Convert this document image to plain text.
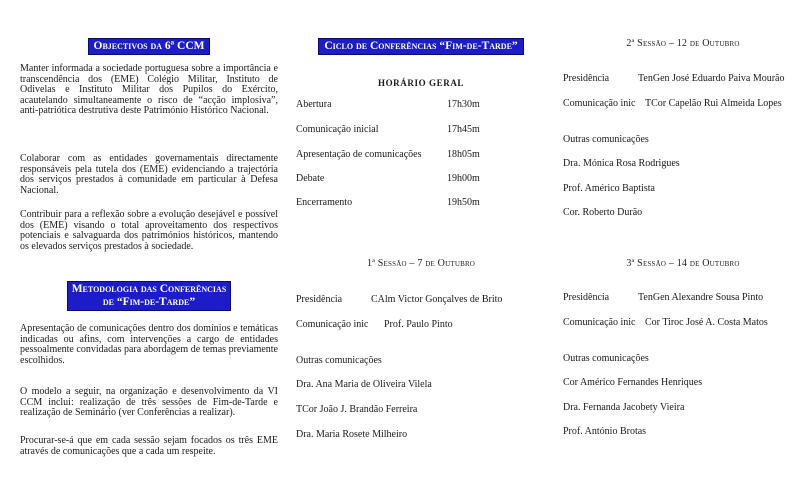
Objectivos da 6ª CCM

Manter informada a sociedade portuguesa sobre a importância e transcendência dos (EME) Colégio Militar, Instituto de Odivelas e Instituto Militar dos Pupilos do Exército, acautelando simultaneamente o risco de “acção implosiva”, anti-patriótica destrutiva deste Património Histórico Nacional.

Colaborar com as entidades governamentais directamente responsáveis pela tutela dos (EME) evidenciando a trajectória dos serviços prestados à comunidade em particular à Defesa Nacional.

Contribuir para a reflexão sobre a evolução desejável e possível dos (EME) visando o total aproveitamento dos respectivos potenciais e salvaguarda dos patrimónios históricos, mantendo os elevados serviços prestados à sociedade.

Metodologia das Conferências
de “Fim-de-Tarde”

Apresentação de comunicações dentro dos domínios e temáticas indicadas ou afins, com intervenções a cargo de entidades pessoalmente convidadas para abordagem de temas previamente escolhidos.

O modelo a seguir, na organização e desenvolvimento da VI CCM inclui: realização de três sessões de Fim-de-Tarde e realização de Seminário (ver Conferências a realizar).

Procurar-se-á que em cada sessão sejam focados os três EME através de comunicações que a cada um respeite.

Ciclo de Conferências “Fim-de-Tarde”
HORÁRIO GERAL
Abertura	17h30m
Comunicação inicial	17h45m
Apresentação de comunicações	18h05m
Debate	19h00m
Encerramento	19h50m
1ª Sessão – 7 de Outubro
Presidência	CAlm Victor Gonçalves de Brito
Comunicação inic Prof. Paulo Pinto
Outras comunicações
Dra. Ana Maria de Oliveira Vilela
TCor João J. Brandão Ferreira
Dra. Maria Rosete Milheiro
2ª Sessão – 12 de Outubro
Presidência	TenGen José Eduardo Paiva Mourão
Comunicação inic TCor Capelão Rui Almeida Lopes
Outras comunicações
Dra. Mónica Rosa Rodrigues
Prof. Américo Baptista
Cor. Roberto Durão
3ª Sessão – 14 de Outubro
Presidência	TenGen Alexandre Sousa Pinto
Comunicação inic Cor Tiroc José A. Costa Matos
Outras comunicações
Cor Américo Fernandes Henriques
Dra. Fernanda Jacobety Vieira
Prof. António Brotas
